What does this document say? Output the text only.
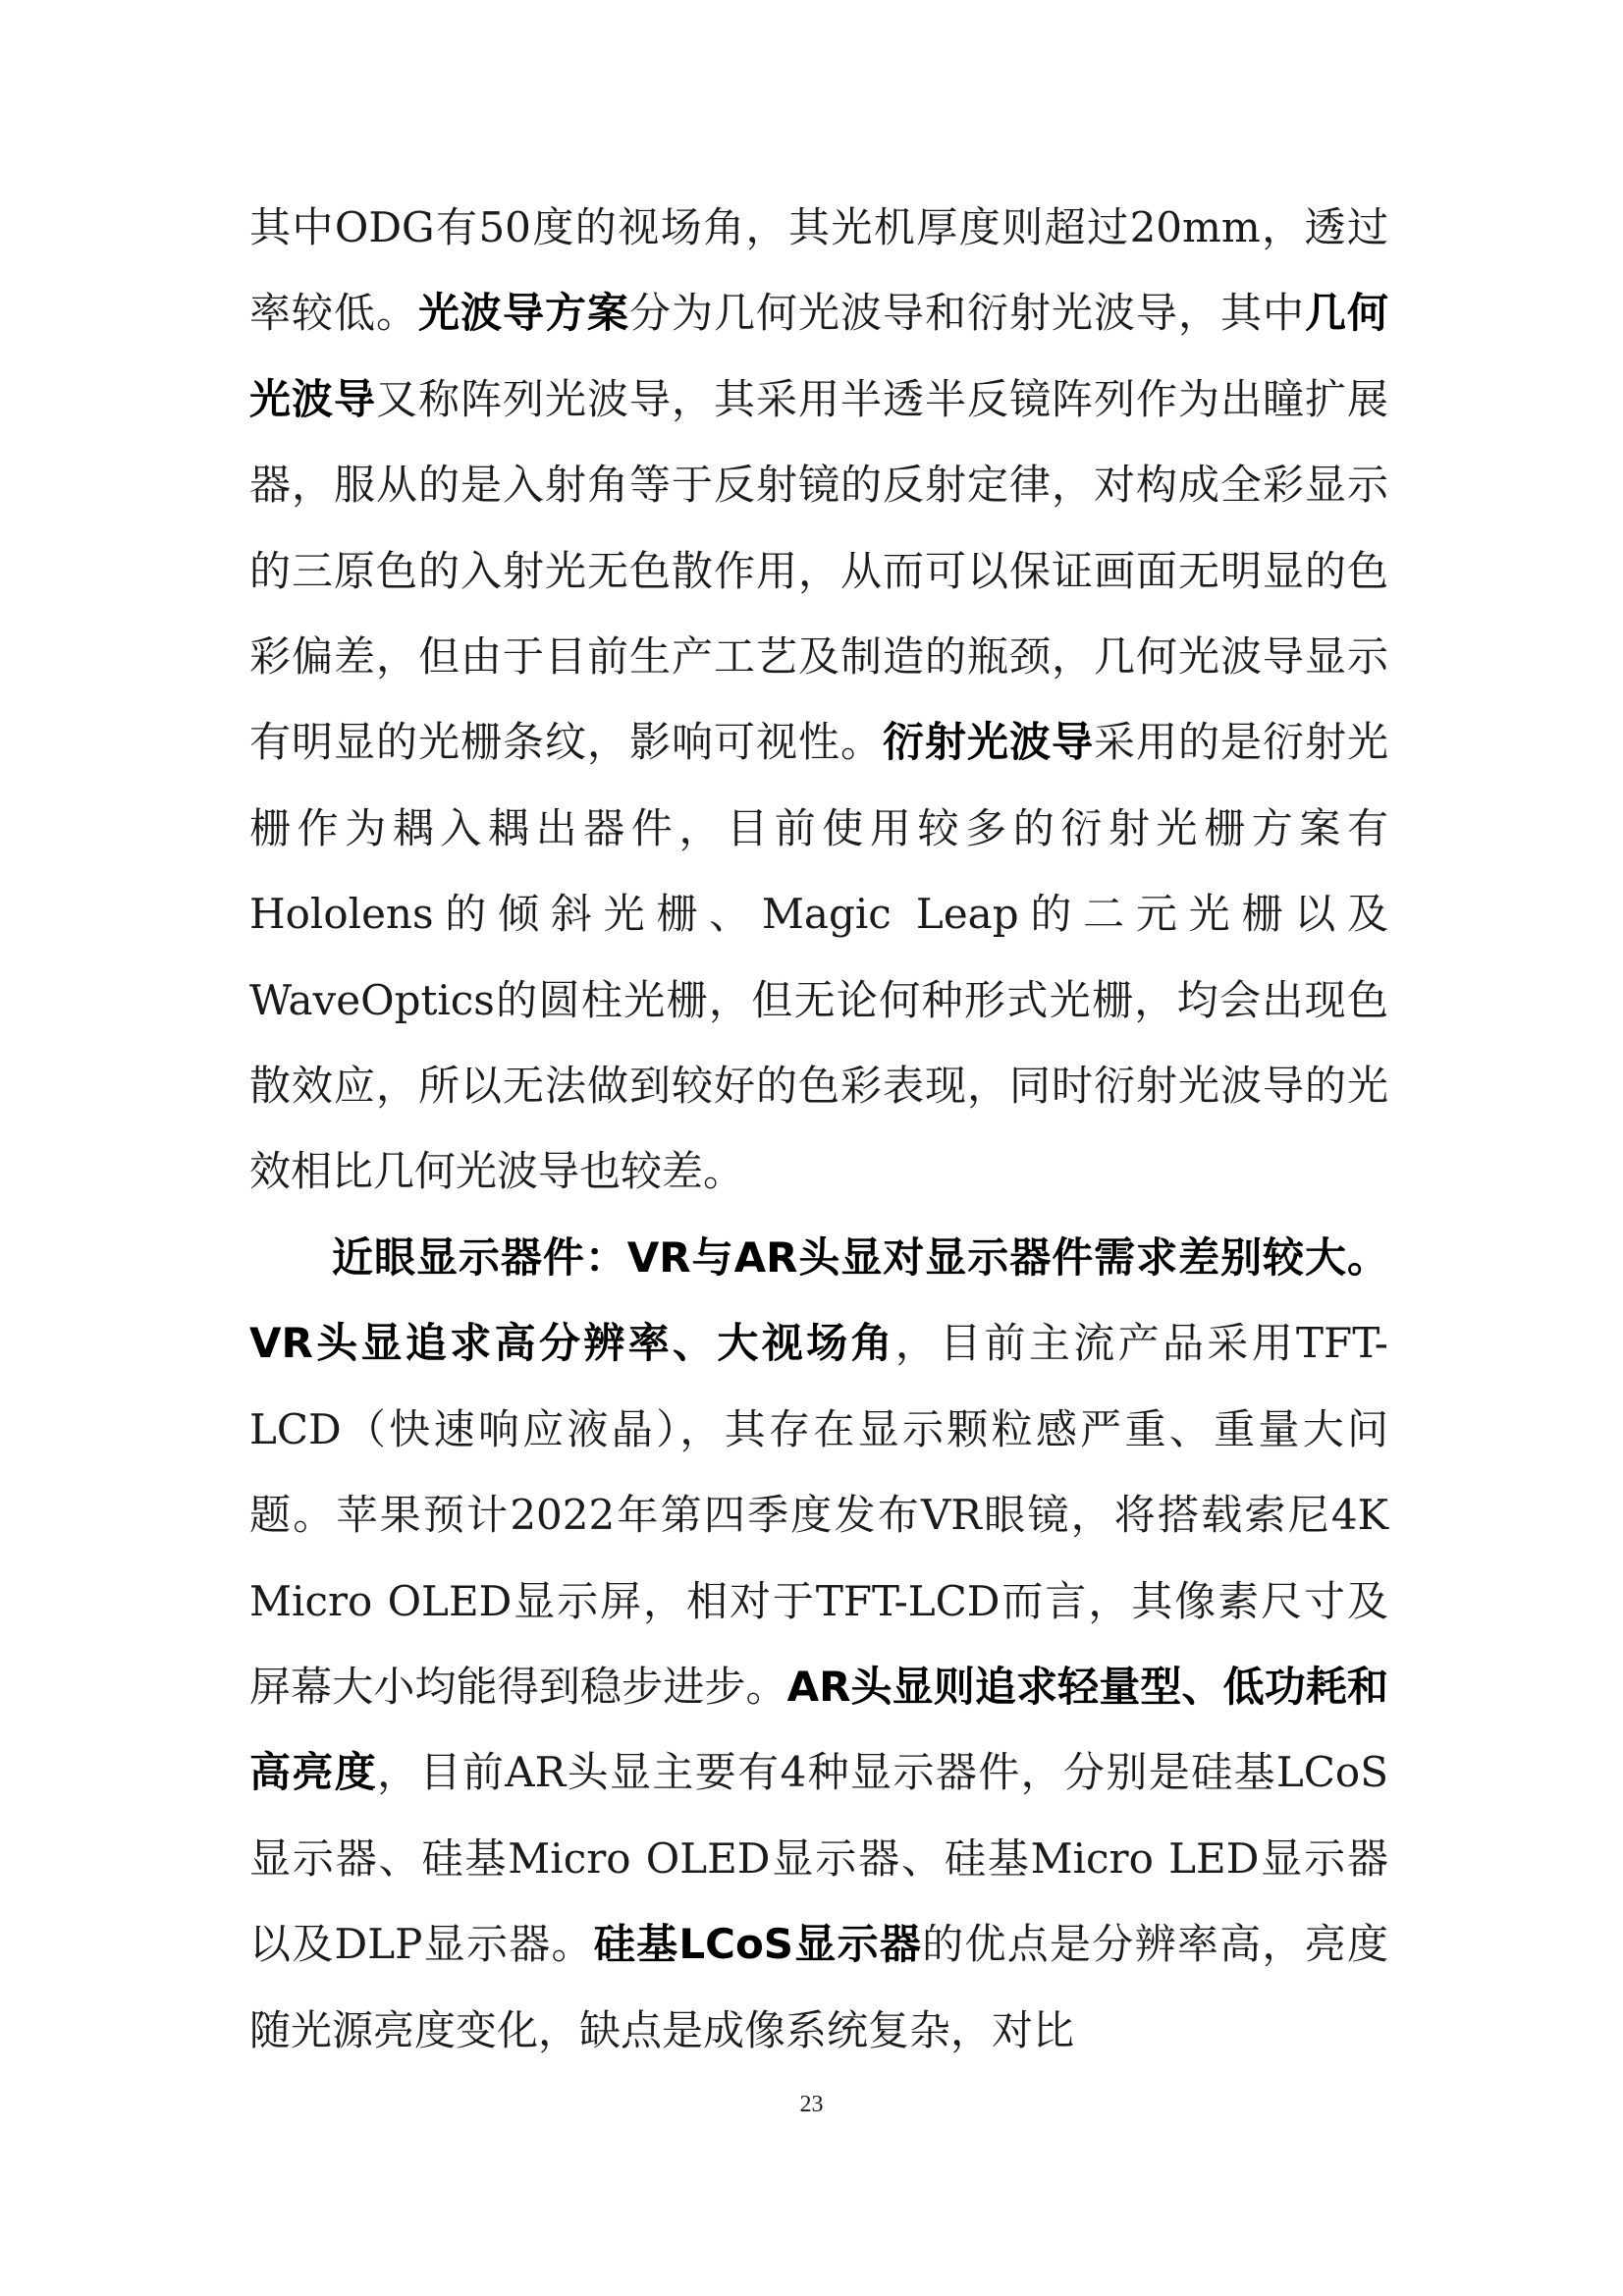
其中ODG有50度的视场角，其光机厚度则超过20mm，透过率较低。光波导方案分为几何光波导和衍射光波导，其中几何光波导又称阵列光波导，其采用半透半反镜阵列作为出瞳扩展器，服从的是入射角等于反射镜的反射定律，对构成全彩显示的三原色的入射光无色散作用，从而可以保证画面无明显的色彩偏差，但由于目前生产工艺及制造的瓶颈，几何光波导显示有明显的光栅条纹，影响可视性。衍射光波导采用的是衍射光栅作为耦入耦出器件，目前使用较多的衍射光栅方案有Hololens的倾斜光栅、Magic Leap的二元光栅以及WaveOptics的圆柱光栅，但无论何种形式光栅，均会出现色散效应，所以无法做到较好的色彩表现，同时衍射光波导的光效相比几何光波导也较差。

近眼显示器件：VR与AR头显对显示器件需求差别较大。VR头显追求高分辨率、大视场角，目前主流产品采用TFT-LCD（快速响应液晶），其存在显示颗粒感严重、重量大问题。苹果预计2022年第四季度发布VR眼镜，将搭载索尼4K Micro OLED显示屏，相对于TFT-LCD而言，其像素尺寸及屏幕大小均能得到稳步进步。AR头显则追求轻量型、低功耗和高亮度，目前AR头显主要有4种显示器件，分别是硅基LCoS显示器、硅基Micro OLED显示器、硅基Micro LED显示器以及DLP显示器。硅基LCoS显示器的优点是分辨率高，亮度随光源亮度变化，缺点是成像系统复杂，对比

23
